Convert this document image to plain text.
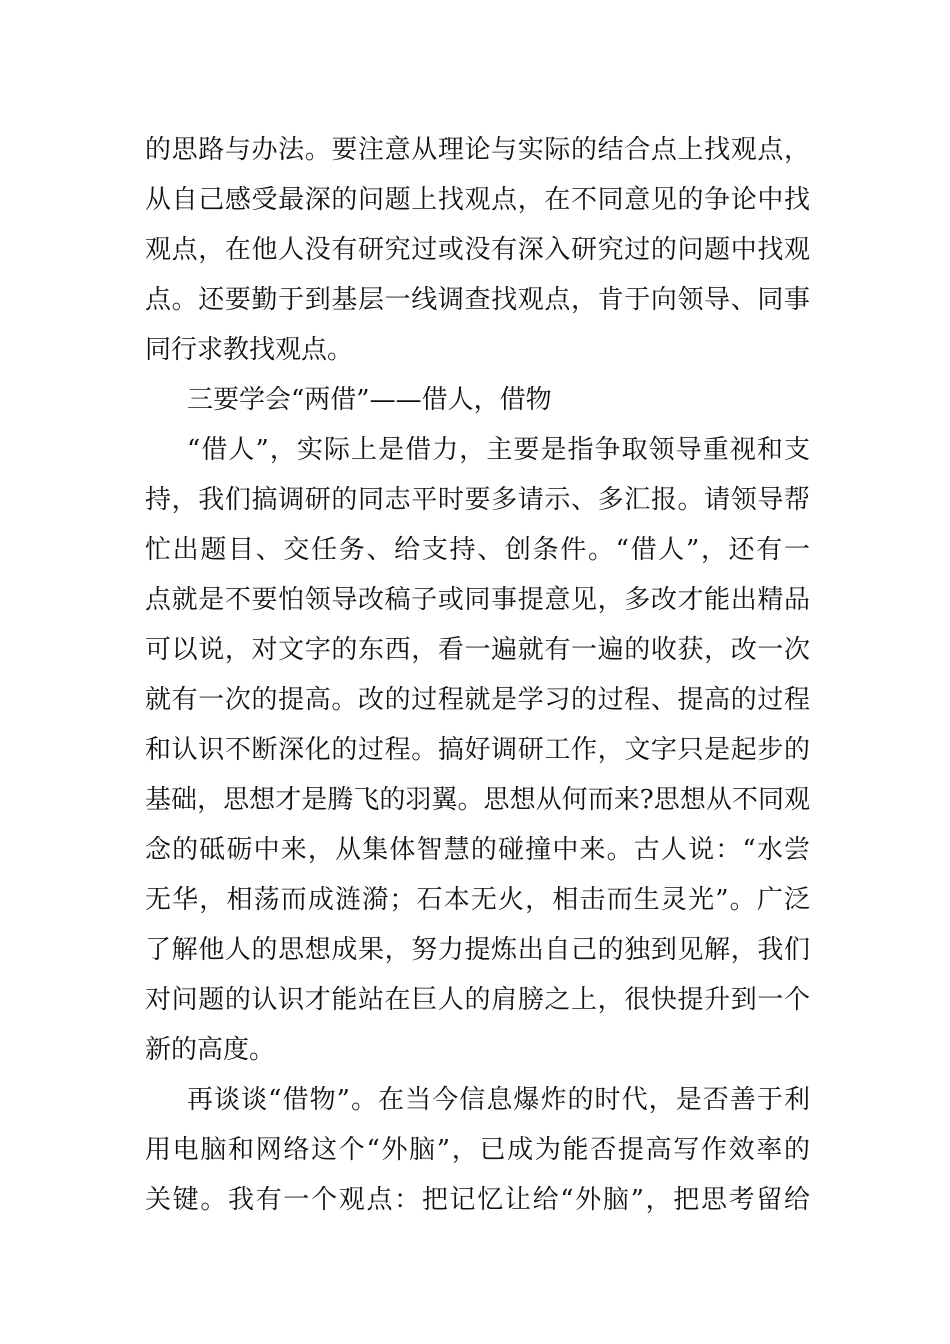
的思路与办法。要注意从理论与实际的结合点上找观点，
从自己感受最深的问题上找观点，在不同意见的争论中找
观点，在他人没有研究过或没有深入研究过的问题中找观
点。还要勤于到基层一线调查找观点，肯于向领导、同事
同行求教找观点。
三要学会“两借”——借人，借物
“借人”，实际上是借力，主要是指争取领导重视和支
持，我们搞调研的同志平时要多请示、多汇报。请领导帮
忙出题目、交任务、给支持、创条件。“借人”，还有一
点就是不要怕领导改稿子或同事提意见，多改才能出精品
可以说，对文字的东西，看一遍就有一遍的收获，改一次
就有一次的提高。改的过程就是学习的过程、提高的过程
和认识不断深化的过程。搞好调研工作，文字只是起步的
基础，思想才是腾飞的羽翼。思想从何而来?思想从不同观
念的砥砺中来，从集体智慧的碰撞中来。古人说：“水尝
无华，相荡而成涟漪；石本无火，相击而生灵光”。广泛
了解他人的思想成果，努力提炼出自己的独到见解，我们
对问题的认识才能站在巨人的肩膀之上，很快提升到一个
新的高度。
再谈谈“借物”。在当今信息爆炸的时代，是否善于利
用电脑和网络这个“外脑”，已成为能否提高写作效率的
关键。我有一个观点：把记忆让给“外脑”，把思考留给
